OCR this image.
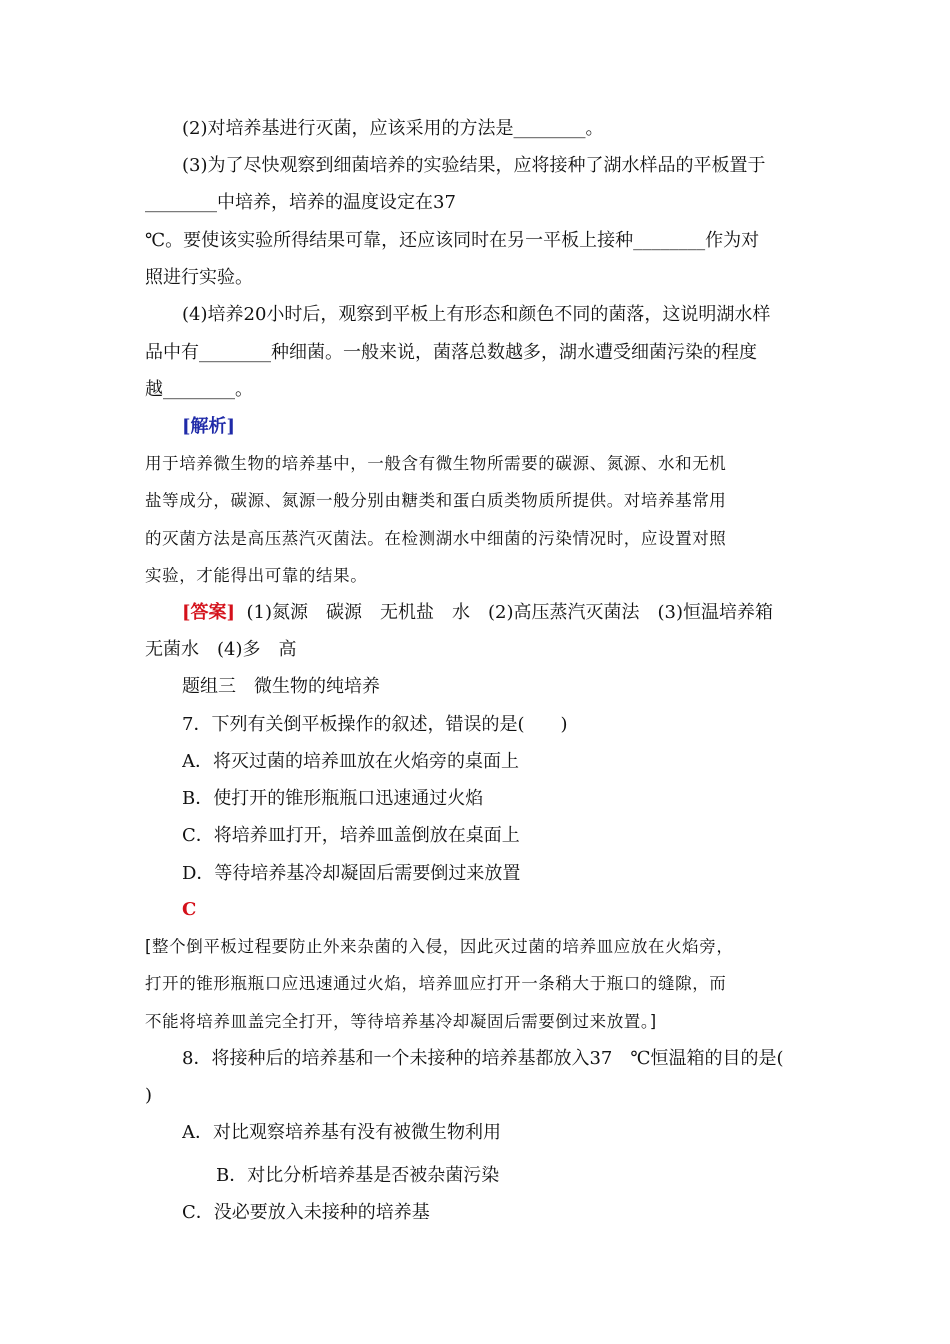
(2)对培养基进行灭菌，应该采用的方法是________。
(3)为了尽快观察到细菌培养的实验结果，应将接种了湖水样品的平板置于
________中培养，培养的温度设定在37
℃。要使该实验所得结果可靠，还应该同时在另一平板上接种________作为对
照进行实验。
(4)培养20小时后，观察到平板上有形态和颜色不同的菌落，这说明湖水样
品中有________种细菌。一般来说，菌落总数越多，湖水遭受细菌污染的程度
越________。
[解析]
用于培养微生物的培养基中，一般含有微生物所需要的碳源、氮源、水和无机
盐等成分，碳源、氮源一般分别由糖类和蛋白质类物质所提供。对培养基常用
的灭菌方法是高压蒸汽灭菌法。在检测湖水中细菌的污染情况时，应设置对照
实验，才能得出可靠的结果。
[答案] (1)氮源　碳源　无机盐　水　(2)高压蒸汽灭菌法　(3)恒温培养箱
无菌水　(4)多　高
题组三　微生物的纯培养
7．下列有关倒平板操作的叙述，错误的是(　　)
A．将灭过菌的培养皿放在火焰旁的桌面上
B．使打开的锥形瓶瓶口迅速通过火焰
C．将培养皿打开，培养皿盖倒放在桌面上
D．等待培养基冷却凝固后需要倒过来放置
C
[整个倒平板过程要防止外来杂菌的入侵，因此灭过菌的培养皿应放在火焰旁，
打开的锥形瓶瓶口应迅速通过火焰，培养皿应打开一条稍大于瓶口的缝隙，而
不能将培养皿盖完全打开，等待培养基冷却凝固后需要倒过来放置。]
8．将接种后的培养基和一个未接种的培养基都放入37　℃恒温箱的目的是(
)
A．对比观察培养基有没有被微生物利用
B．对比分析培养基是否被杂菌污染
C．没必要放入未接种的培养基
